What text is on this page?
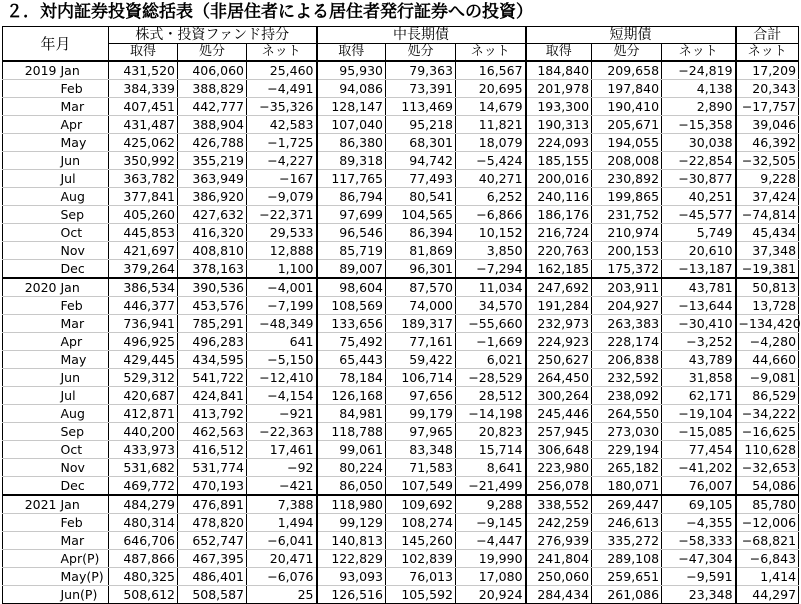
２．対内証券投資総括表（非居住者による居住者発行証券への投資）
年月		株式・投資ファンド持分			中長期債			短期債			合計
		取得	処分	ネット	取得	処分	ネット	取得	処分	ネット	ネット
2019	Jan	431,520	406,060	25,460	95,930	79,363	16,567	184,840	209,658	−24,819	17,209
	Feb	384,339	388,829	−4,491	94,086	73,391	20,695	201,978	197,840	4,138	20,343
	Mar	407,451	442,777	−35,326	128,147	113,469	14,679	193,300	190,410	2,890	−17,757
	Apr	431,487	388,904	42,583	107,040	95,218	11,821	190,313	205,671	−15,358	39,046
	May	425,062	426,788	−1,725	86,380	68,301	18,079	224,093	194,055	30,038	46,392
	Jun	350,992	355,219	−4,227	89,318	94,742	−5,424	185,155	208,008	−22,854	−32,505
	Jul	363,782	363,949	−167	117,765	77,493	40,271	200,016	230,892	−30,877	9,228
	Aug	377,841	386,920	−9,079	86,794	80,541	6,252	240,116	199,865	40,251	37,424
	Sep	405,260	427,632	−22,371	97,699	104,565	−6,866	186,176	231,752	−45,577	−74,814
	Oct	445,853	416,320	29,533	96,546	86,394	10,152	216,724	210,974	5,749	45,434
	Nov	421,697	408,810	12,888	85,719	81,869	3,850	220,763	200,153	20,610	37,348
	Dec	379,264	378,163	1,100	89,007	96,301	−7,294	162,185	175,372	−13,187	−19,381
2020	Jan	386,534	390,536	−4,001	98,604	87,570	11,034	247,692	203,911	43,781	50,813
	Feb	446,377	453,576	−7,199	108,569	74,000	34,570	191,284	204,927	−13,644	13,728
	Mar	736,941	785,291	−48,349	133,656	189,317	−55,660	232,973	263,383	−30,410	−134,420
	Apr	496,925	496,283	641	75,492	77,161	−1,669	224,923	228,174	−3,252	−4,280
	May	429,445	434,595	−5,150	65,443	59,422	6,021	250,627	206,838	43,789	44,660
	Jun	529,312	541,722	−12,410	78,184	106,714	−28,529	264,450	232,592	31,858	−9,081
	Jul	420,687	424,841	−4,154	126,168	97,656	28,512	300,264	238,092	62,171	86,529
	Aug	412,871	413,792	−921	84,981	99,179	−14,198	245,446	264,550	−19,104	−34,222
	Sep	440,200	462,563	−22,363	118,788	97,965	20,823	257,945	273,030	−15,085	−16,625
	Oct	433,973	416,512	17,461	99,061	83,348	15,714	306,648	229,194	77,454	110,628
	Nov	531,682	531,774	−92	80,224	71,583	8,641	223,980	265,182	−41,202	−32,653
	Dec	469,772	470,193	−421	86,050	107,549	−21,499	256,078	180,071	76,007	54,086
2021	Jan	484,279	476,891	7,388	118,980	109,692	9,288	338,552	269,447	69,105	85,780
	Feb	480,314	478,820	1,494	99,129	108,274	−9,145	242,259	246,613	−4,355	−12,006
	Mar	646,706	652,747	−6,041	140,813	145,260	−4,447	276,939	335,272	−58,333	−68,821
	Apr(P)	487,866	467,395	20,471	122,829	102,839	19,990	241,804	289,108	−47,304	−6,843
	May(P)	480,325	486,401	−6,076	93,093	76,013	17,080	250,060	259,651	−9,591	1,414
	Jun(P)	508,612	508,587	25	126,516	105,592	20,924	284,434	261,086	23,348	44,297
